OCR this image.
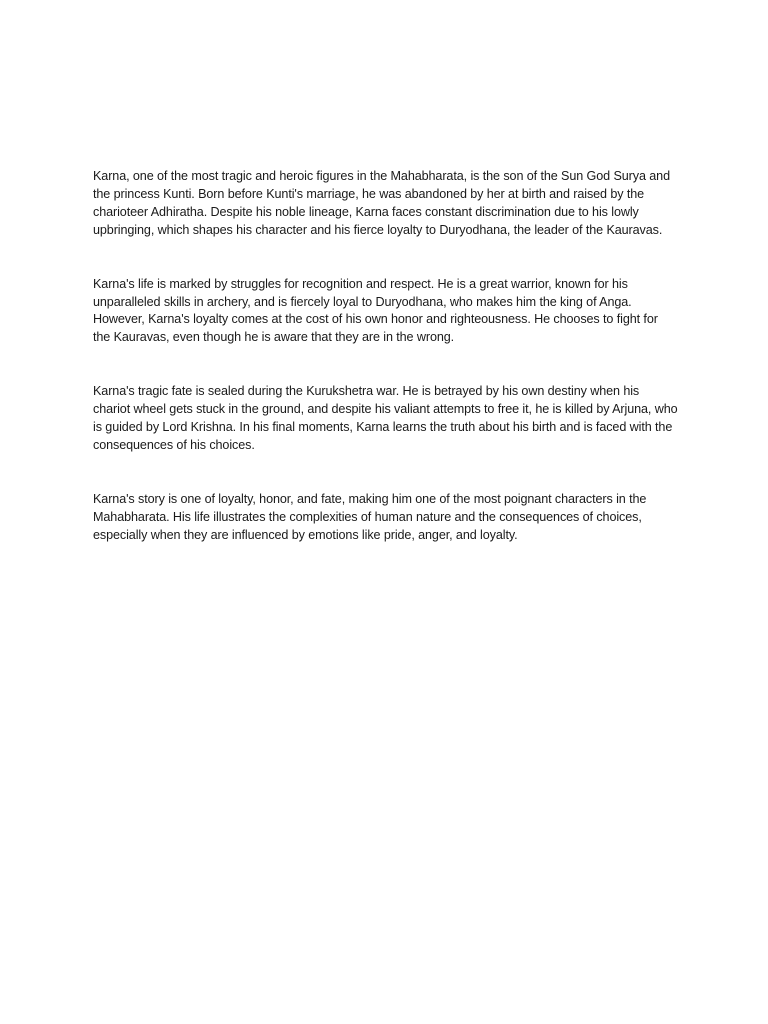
Karna, one of the most tragic and heroic figures in the Mahabharata, is the son of the Sun God Surya and the princess Kunti. Born before Kunti's marriage, he was abandoned by her at birth and raised by the charioteer Adhiratha. Despite his noble lineage, Karna faces constant discrimination due to his lowly upbringing, which shapes his character and his fierce loyalty to Duryodhana, the leader of the Kauravas.

Karna's life is marked by struggles for recognition and respect. He is a great warrior, known for his unparalleled skills in archery, and is fiercely loyal to Duryodhana, who makes him the king of Anga. However, Karna's loyalty comes at the cost of his own honor and righteousness. He chooses to fight for the Kauravas, even though he is aware that they are in the wrong.

Karna's tragic fate is sealed during the Kurukshetra war. He is betrayed by his own destiny when his chariot wheel gets stuck in the ground, and despite his valiant attempts to free it, he is killed by Arjuna, who is guided by Lord Krishna. In his final moments, Karna learns the truth about his birth and is faced with the consequences of his choices.

Karna's story is one of loyalty, honor, and fate, making him one of the most poignant characters in the Mahabharata. His life illustrates the complexities of human nature and the consequences of choices, especially when they are influenced by emotions like pride, anger, and loyalty.
